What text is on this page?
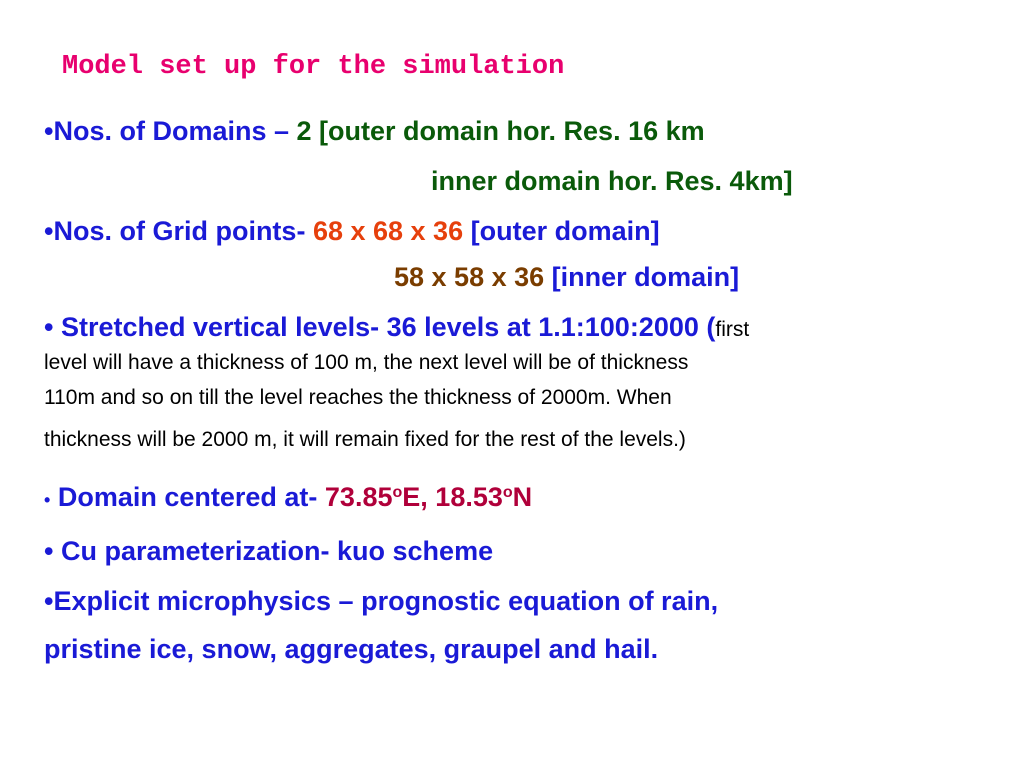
Model set up for the simulation
•Nos. of Domains – 2 [outer domain hor. Res. 16 km
inner domain hor. Res. 4km]
•Nos. of Grid points- 68 x 68 x 36 [outer domain]
58 x 58 x 36 [inner domain]
• Stretched vertical levels- 36 levels at 1.1:100:2000 (first
level will have a thickness of 100 m, the next level will be of thickness
110m and so on till the level reaches the thickness of 2000m. When
thickness will be 2000 m, it will remain fixed for the rest of the levels.)
• Domain centered at- 73.85$^o$E, 18.53$^o$N
• Cu parameterization- kuo scheme
•Explicit microphysics – prognostic equation of rain,
pristine ice, snow, aggregates, graupel and hail.
